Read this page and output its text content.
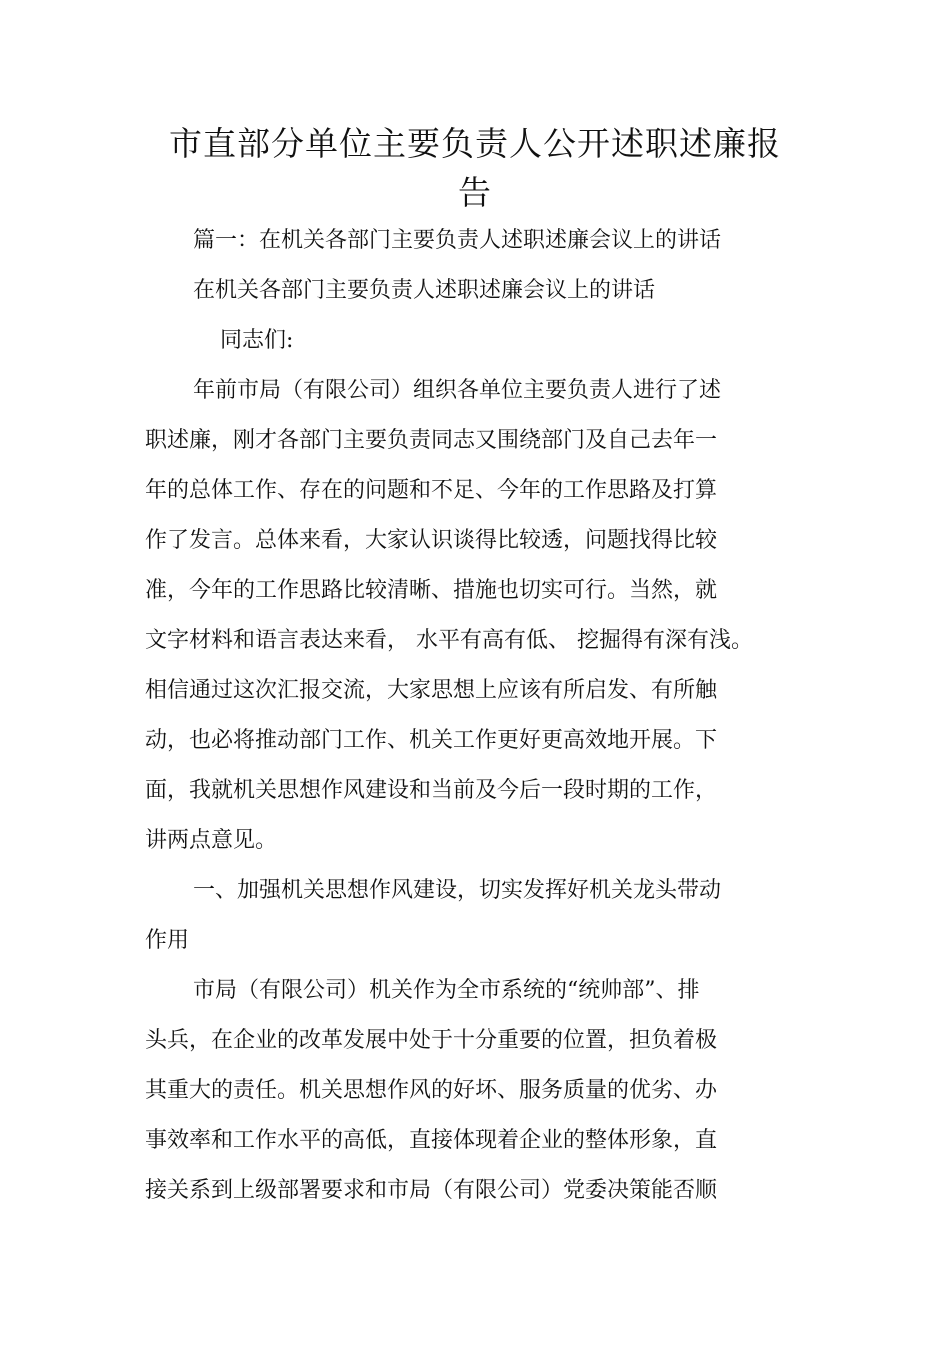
市直部分单位主要负责人公开述职述廉报
告
篇一：在机关各部门主要负责人述职述廉会议上的讲话
在机关各部门主要负责人述职述廉会议上的讲话
同志们:
年前市局（有限公司）组织各单位主要负责人进行了述
职述廉，刚才各部门主要负责同志又围绕部门及自己去年一
年的总体工作、存在的问题和不足、今年的工作思路及打算
作了发言。总体来看，大家认识谈得比较透，问题找得比较
准，今年的工作思路比较清晰、措施也切实可行。当然，就
文字材料和语言表达来看， 水平有高有低、 挖掘得有深有浅。
相信通过这次汇报交流，大家思想上应该有所启发、有所触
动，也必将推动部门工作、机关工作更好更高效地开展。下
面，我就机关思想作风建设和当前及今后一段时期的工作，
讲两点意见。
一、加强机关思想作风建设，切实发挥好机关龙头带动
作用
市局（有限公司）机关作为全市系统的“统帅部”、排
头兵，在企业的改革发展中处于十分重要的位置，担负着极
其重大的责任。机关思想作风的好坏、服务质量的优劣、办
事效率和工作水平的高低，直接体现着企业的整体形象，直
接关系到上级部署要求和市局（有限公司）党委决策能否顺
